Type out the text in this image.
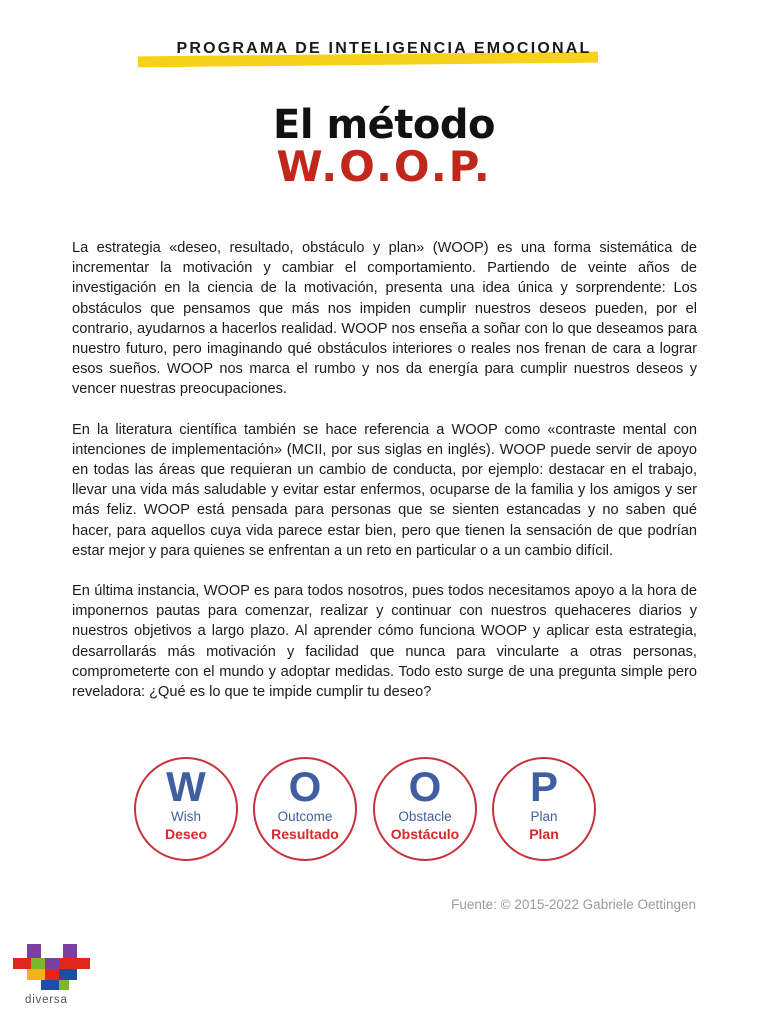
PROGRAMA DE INTELIGENCIA EMOCIONAL
El método
W.O.O.P.

La estrategia «deseo, resultado, obstáculo y plan» (WOOP) es una forma sistemática de incrementar la motivación y cambiar el comportamiento. Partiendo de veinte años de investigación en la ciencia de la motivación, presenta una idea única y sorprendente: Los obstáculos que pensamos que más nos impiden cumplir nuestros deseos pueden, por el contrario, ayudarnos a hacerlos realidad. WOOP nos enseña a soñar con lo que deseamos para nuestro futuro, pero imaginando qué obstáculos interiores o reales nos frenan de cara a lograr esos sueños. WOOP nos marca el rumbo y nos da energía para cumplir nuestros deseos y vencer nuestras preocupaciones.

En la literatura científica también se hace referencia a WOOP como «contraste mental con intenciones de implementación» (MCII, por sus siglas en inglés). WOOP puede servir de apoyo en todas las áreas que requieran un cambio de conducta, por ejemplo: destacar en el trabajo, llevar una vida más saludable y evitar estar enfermos, ocuparse de la familia y los amigos y ser más feliz. WOOP está pensada para personas que se sienten estancadas y no saben qué hacer, para aquellos cuya vida parece estar bien, pero que tienen la sensación de que podrían estar mejor y para quienes se enfrentan a un reto en particular o a un cambio difícil.

En última instancia, WOOP es para todos nosotros, pues todos necesitamos apoyo a la hora de imponernos pautas para comenzar, realizar y continuar con nuestros quehaceres diarios y nuestros objetivos a largo plazo. Al aprender cómo funciona WOOP y aplicar esta estrategia, desarrollarás más motivación y facilidad que nunca para vincularte a otras personas, comprometerte con el mundo y adoptar medidas. Todo esto surge de una pregunta simple pero reveladora: ¿Qué es lo que te impide cumplir tu deseo?

W
Wish
Deseo
O
Outcome
Resultado
O
Obstacle
Obstáculo
P
Plan
Plan
Fuente: © 2015-2022 Gabriele Oettingen
diversa
